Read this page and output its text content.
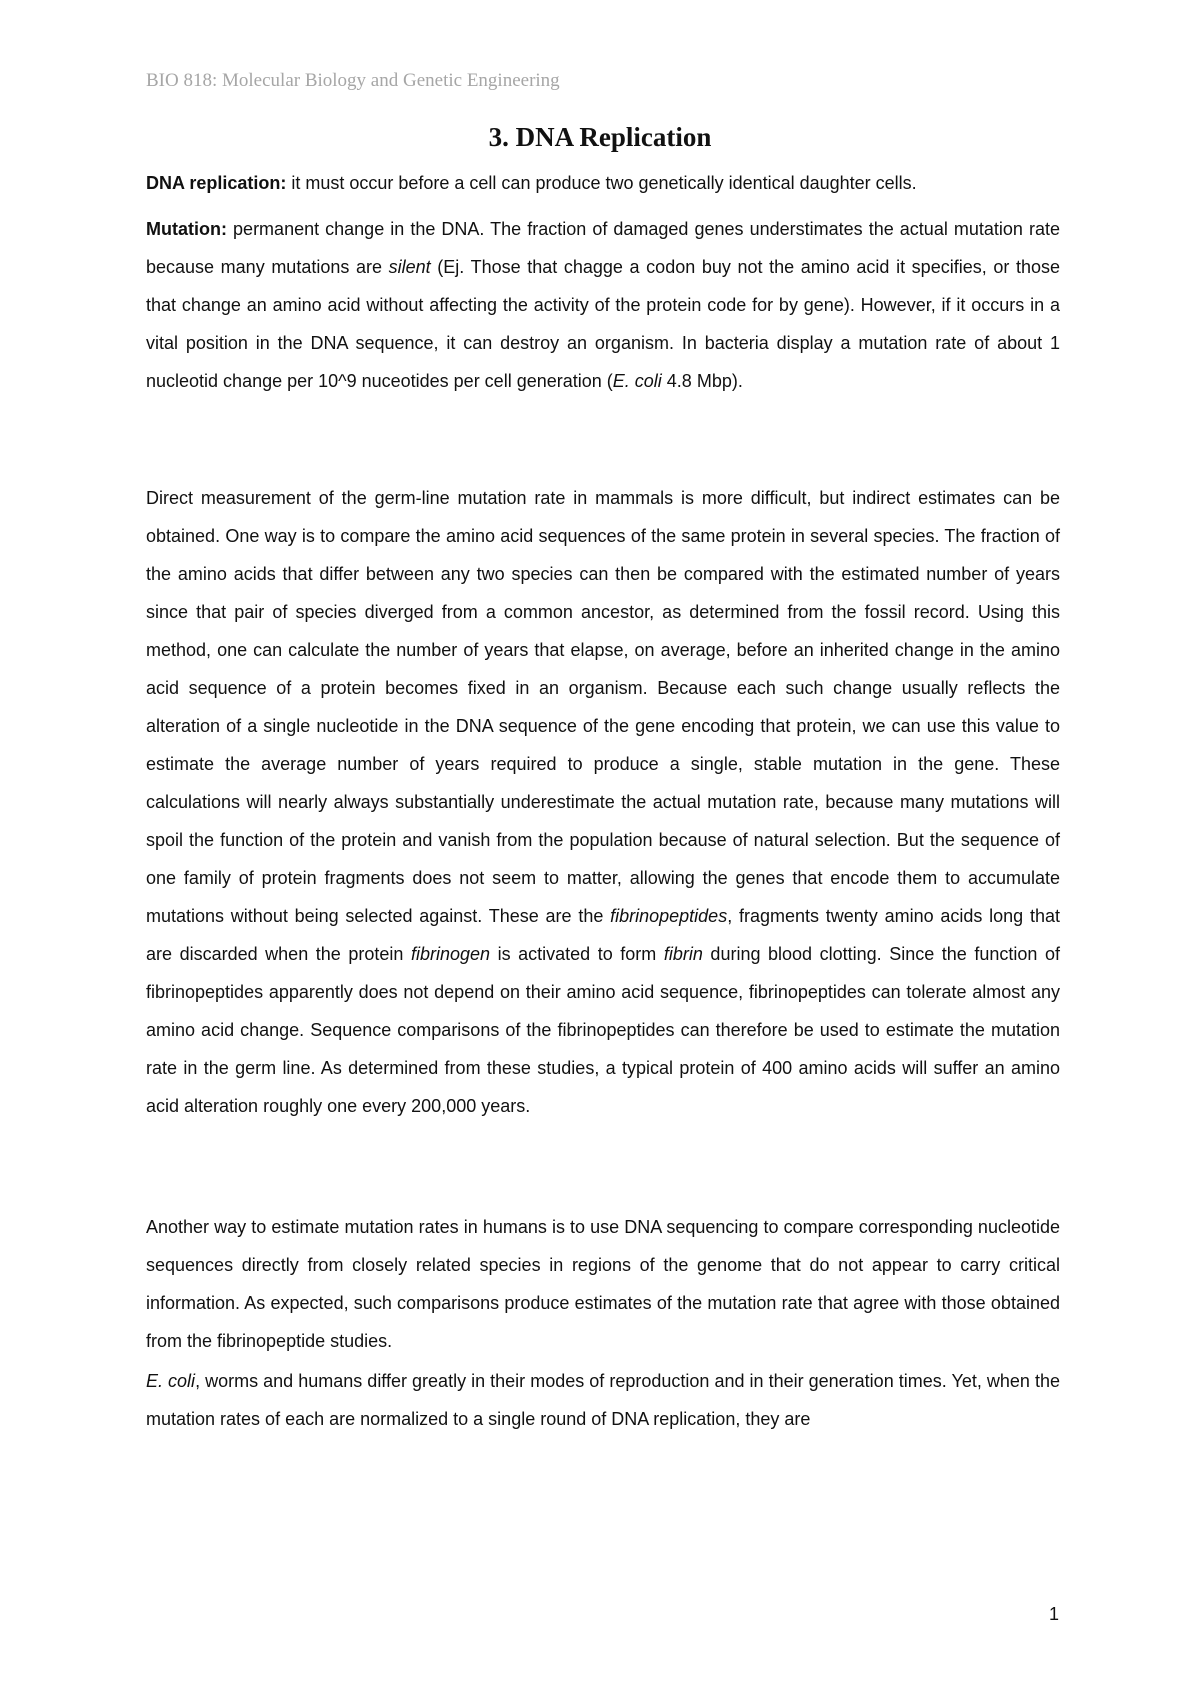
BIO 818: Molecular Biology and Genetic Engineering
3. DNA Replication

DNA replication: it must occur before a cell can produce two genetically identical daughter cells.

Mutation: permanent change in the DNA. The fraction of damaged genes understimates the actual mutation rate because many mutations are silent (Ej. Those that chagge a codon buy not the amino acid it specifies, or those that change an amino acid without affecting the activity of the protein code for by gene). However, if it occurs in a vital position in the DNA sequence, it can destroy an organism. In bacteria display a mutation rate of about 1 nucleotid change per 10^9 nuceotides per cell generation (E. coli 4.8 Mbp).

Direct measurement of the germ-line mutation rate in mammals is more difficult, but indirect estimates can be obtained. One way is to compare the amino acid sequences of the same protein in several species. The fraction of the amino acids that differ between any two species can then be compared with the estimated number of years since that pair of species diverged from a common ancestor, as determined from the fossil record. Using this method, one can calculate the number of years that elapse, on average, before an inherited change in the amino acid sequence of a protein becomes fixed in an organism. Because each such change usually reflects the alteration of a single nucleotide in the DNA sequence of the gene encoding that protein, we can use this value to estimate the average number of years required to produce a single, stable mutation in the gene. These calculations will nearly always substantially underestimate the actual mutation rate, because many mutations will spoil the function of the protein and vanish from the population because of natural selection. But the sequence of one family of protein fragments does not seem to matter, allowing the genes that encode them to accumulate mutations without being selected against. These are the fibrinopeptides, fragments twenty amino acids long that are discarded when the protein fibrinogen is activated to form fibrin during blood clotting. Since the function of fibrinopeptides apparently does not depend on their amino acid sequence, fibrinopeptides can tolerate almost any amino acid change. Sequence comparisons of the fibrinopeptides can therefore be used to estimate the mutation rate in the germ line. As determined from these studies, a typical protein of 400 amino acids will suffer an amino acid alteration roughly one every 200,000 years.

Another way to estimate mutation rates in humans is to use DNA sequencing to compare corresponding nucleotide sequences directly from closely related species in regions of the genome that do not appear to carry critical information. As expected, such comparisons produce estimates of the mutation rate that agree with those obtained from the fibrinopeptide studies.

E. coli, worms and humans differ greatly in their modes of reproduction and in their generation times. Yet, when the mutation rates of each are normalized to a single round of DNA replication, they are

1
